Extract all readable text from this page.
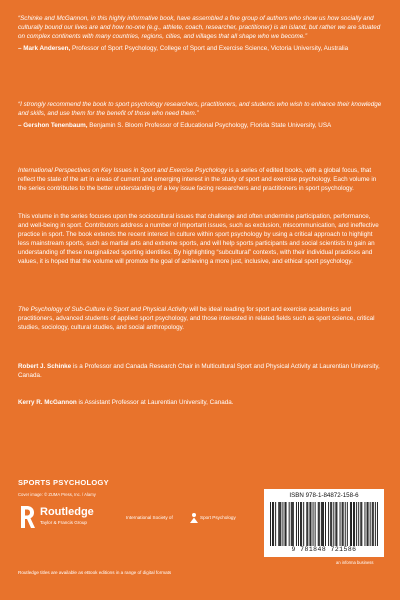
“Schinke and McGannon, in this highly informative book, have assembled a fine group of authors who show us how socially and culturally bound our lives are and how no-one (e.g., athlete, coach, researcher, practitioner) is an island, but rather we are situated on complex continents with many countries, regions, cities, and villages that all shape who we become.”
– Mark Andersen, Professor of Sport Psychology, College of Sport and Exercise Science, Victoria University, Australia
“I strongly recommend the book to sport psychology researchers, practitioners, and students who wish to enhance their knowledge and skills, and use them for the benefit of those who need them.”
– Gershon Tenenbaum, Benjamin S. Bloom Professor of Educational Psychology, Florida State University, USA

International Perspectives on Key Issues in Sport and Exercise Psychology is a series of edited books, with a global focus, that reflect the state of the art in areas of current and emerging interest in the study of sport and exercise psychology. Each volume in the series contributes to the better understanding of a key issue facing researchers and practitioners in sport psychology.

This volume in the series focuses upon the sociocultural issues that challenge and often undermine participation, performance, and well-being in sport. Contributors address a number of important issues, such as exclusion, miscommunication, and ineffective practice in sport. The book extends the recent interest in culture within sport psychology by using a critical approach to highlight less mainstream sports, such as martial arts and extreme sports, and will help sports participants and social scientists to gain an understanding of these marginalized sporting identities. By highlighting “subcultural” contexts, with their individual practices and values, it is hoped that the volume will promote the goal of achieving a more just, inclusive, and ethical sport psychology.

The Psychology of Sub-Culture in Sport and Physical Activity will be ideal reading for sport and exercise academics and practitioners, advanced students of applied sport psychology, and those interested in related fields such as sport science, critical studies, sociology, cultural studies, and social anthropology.

Robert J. Schinke is a Professor and Canada Research Chair in Multicultural Sport and Physical Activity at Laurentian University, Canada.
Kerry R. McGannon is Assistant Professor at Laurentian University, Canada.
SPORTS PSYCHOLOGY
Cover image: © ZUMA Press, Inc. / Alamy
Routledge
Taylor & Francis Group
International Society of	Sport Psychology
ISBN 978-1-84872-158-6
9 781848 721586
an informa business
Routledge titles are available as eBook editions in a range of digital formats
